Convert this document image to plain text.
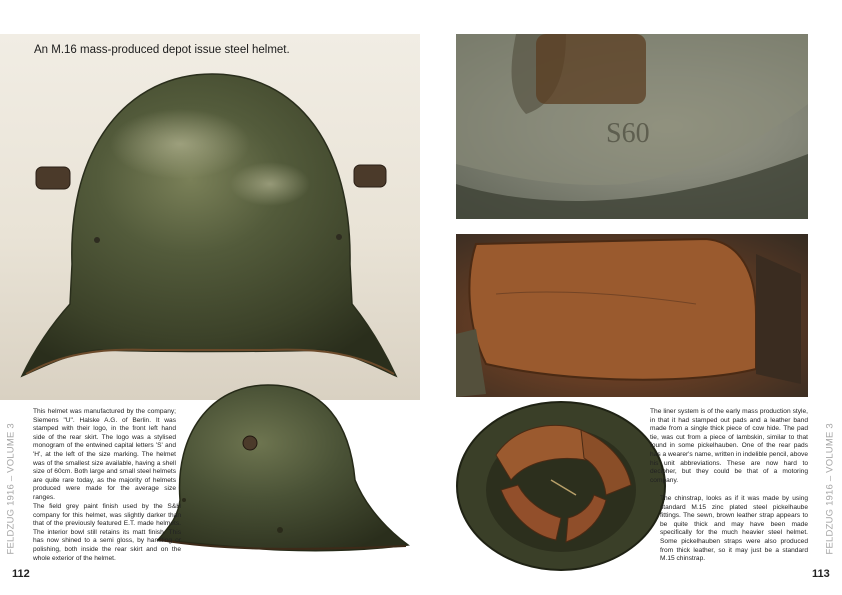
An M.16 mass-produced depot issue steel helmet.
This helmet was manufactured by the company; Siemens "U". Halske A.G. of Berlin. It was stamped with their logo, in the front left hand side of the rear skirt. The logo was a stylised monogram of the entwined capital letters 'S' and 'H', at the left of the size marking. The helmet was of the smallest size available, having a shell size of 60cm. Both large and small steel helmets are quite rare today, as the majority of helmets produced were made for the average size ranges.
The field grey paint finish used by the S&H company for this helmet, was slightly darker than that of the previously featured E.T. made helmets. The interior bowl still retains its matt finish. This has now shined to a semi gloss, by handling or polishing, both inside the rear skirt and on the whole exterior of the helmet.
FELDZUG 1916 – VOLUME 3
112
S60
The liner system is of the early mass production style, in that it had stamped out pads and a leather band made from a single thick piece of cow hide. The pad tie, was cut from a piece of lambskin, similar to that found in some pickelhauben. One of the rear pads has a wearer's name, written in indelible pencil, above his unit abbreviations. These are now hard to decipher, but they could be that of a motoring company.
The chinstrap, looks as if it was made by using standard M.15 zinc plated steel pickelhaube fittings. The sewn, brown leather strap appears to be quite thick and may have been made specifically for the much heavier steel helmet. Some pickelhauben straps were also produced from thick leather, so it may just be a standard M.15 chinstrap.
FELDZUG 1916 – VOLUME 3
113
